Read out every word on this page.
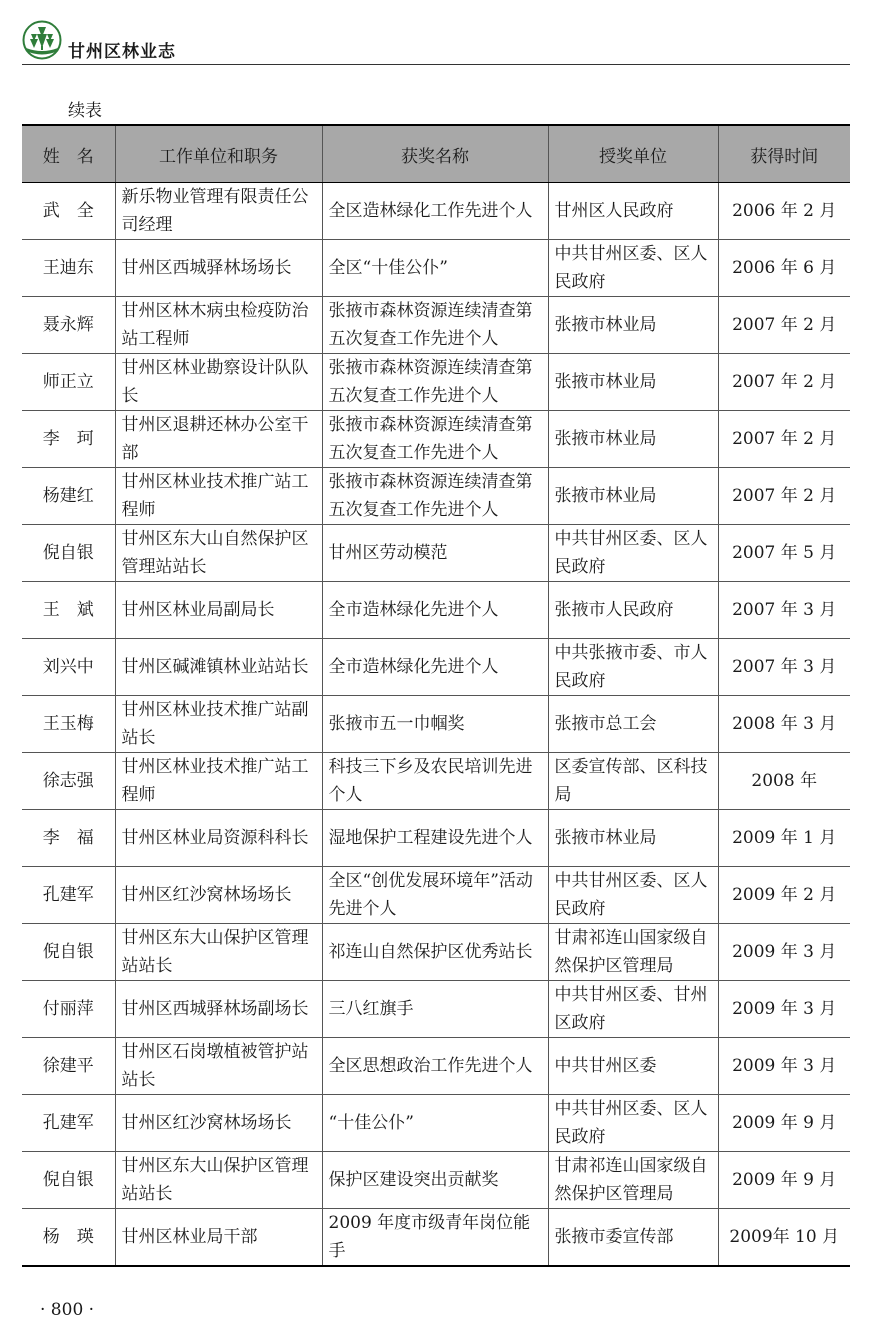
甘州区林业志
续表
姓　名	工作单位和职务	获奖名称	授奖单位	获得时间
武　全	新乐物业管理有限责任公司经理	全区造林绿化工作先进个人	甘州区人民政府	2006 年 2 月
王迪东	甘州区西城驿林场场长	全区“十佳公仆”	中共甘州区委、区人民政府	2006 年 6 月
聂永辉	甘州区林木病虫检疫防治站工程师	张掖市森林资源连续清查第五次复查工作先进个人	张掖市林业局	2007 年 2 月
师正立	甘州区林业勘察设计队队长	张掖市森林资源连续清查第五次复查工作先进个人	张掖市林业局	2007 年 2 月
李　珂	甘州区退耕还林办公室干部	张掖市森林资源连续清查第五次复查工作先进个人	张掖市林业局	2007 年 2 月
杨建红	甘州区林业技术推广站工程师	张掖市森林资源连续清查第五次复查工作先进个人	张掖市林业局	2007 年 2 月
倪自银	甘州区东大山自然保护区管理站站长	甘州区劳动模范	中共甘州区委、区人民政府	2007 年 5 月
王　斌	甘州区林业局副局长	全市造林绿化先进个人	张掖市人民政府	2007 年 3 月
刘兴中	甘州区碱滩镇林业站站长	全市造林绿化先进个人	中共张掖市委、市人民政府	2007 年 3 月
王玉梅	甘州区林业技术推广站副站长	张掖市五一巾帼奖	张掖市总工会	2008 年 3 月
徐志强	甘州区林业技术推广站工程师	科技三下乡及农民培训先进个人	区委宣传部、区科技局	2008 年
李　福	甘州区林业局资源科科长	湿地保护工程建设先进个人	张掖市林业局	2009 年 1 月
孔建军	甘州区红沙窝林场场长	全区“创优发展环境年”活动先进个人	中共甘州区委、区人民政府	2009 年 2 月
倪自银	甘州区东大山保护区管理站站长	祁连山自然保护区优秀站长	甘肃祁连山国家级自然保护区管理局	2009 年 3 月
付丽萍	甘州区西城驿林场副场长	三八红旗手	中共甘州区委、甘州区政府	2009 年 3 月
徐建平	甘州区石岗墩植被管护站站长	全区思想政治工作先进个人	中共甘州区委	2009 年 3 月
孔建军	甘州区红沙窝林场场长	“十佳公仆”	中共甘州区委、区人民政府	2009 年 9 月
倪自银	甘州区东大山保护区管理站站长	保护区建设突出贡献奖	甘肃祁连山国家级自然保护区管理局	2009 年 9 月
杨　瑛	甘州区林业局干部	2009 年度市级青年岗位能手	张掖市委宣传部	2009年 10 月
· 800 ·
